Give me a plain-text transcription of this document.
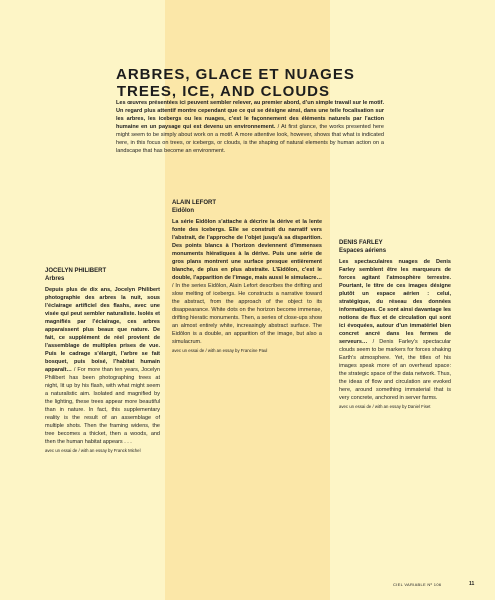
ARBRES, GLACE ET NUAGES
TREES, ICE, AND CLOUDS
Les œuvres présentées ici peuvent sembler relever, au premier abord, d’un simple travail sur le motif. Un regard plus attentif montre cependant que ce qui se désigne ainsi, dans une telle focalisation sur les arbres, les icebergs ou les nuages, c’est le façonnement des éléments naturels par l’action humaine en un paysage qui est devenu un environnement. / At first glance, the works presented here might seem to be simply about work on a motif. A more attentive look, however, shows that what is indicated here, in this focus on trees, or icebergs, or clouds, is the shaping of natural elements by human action on a landscape that has become an environment.
JOCELYN PHILIBERT
Arbres
Depuis plus de dix ans, Jocelyn Philibert photographie des arbres la nuit, sous l’éclairage artificiel des flashs, avec une visée qui peut sembler naturaliste. Isolés et magnifiés par l’éclairage, ces arbres apparaissent plus beaux que nature. De fait, ce supplément de réel provient de l’assemblage de multiples prises de vue. Puis le cadrage s’élargit, l’arbre se fait bosquet, puis boisé, l’habitat humain apparaît… / For more than ten years, Jocelyn Philibert has been photographing trees at night, lit up by his flash, with what might seem a naturalistic aim. Isolated and magnified by the lighting, these trees appear more beautiful than in nature. In fact, this supplementary reality is the result of an assemblage of multiple shots. Then the framing widens, the tree becomes a thicket, then a woods, and then the human habitat appears . . .
avec un essai de / with an essay by Franck Michel
ALAIN LEFORT
Eidōlon
La série Eidōlon s’attache à décrire la dérive et la lente fonte des icebergs. Elle se construit du narratif vers l’abstrait, de l’approche de l’objet jusqu’à sa disparition. Des points blancs à l’horizon deviennent d’immenses monuments hiératiques à la dérive. Puis une série de gros plans montrent une surface presque entièrement blanche, de plus en plus abstraite. L’Eidōlon, c’est le double, l’apparition de l’image, mais aussi le simulacre… / In the series Eidōlon, Alain Lefort describes the drifting and slow melting of icebergs. He constructs a narrative toward the abstract, from the approach of the object to its disappearance. White dots on the horizon become immense, drifting hieratic monuments. Then, a series of close-ups show an almost entirely white, increasingly abstract surface. The Eidōlon is a double, an apparition of the image, but also a simulacrum.
avec un essai de / with an essay by Francine Paul
DENIS FARLEY
Espaces aériens
Les spectaculaires nuages de Denis Farley semblent être les marqueurs de forces agitant l’atmosphère terrestre. Pourtant, le titre de ces images désigne plutôt un espace aérien : celui, stratégique, du réseau des données informatiques. Ce sont ainsi davantage les notions de flux et de circulation qui sont ici évoquées, autour d’un immatériel bien concret ancré dans les fermes de serveurs… / Denis Farley’s spectacular clouds seem to be markers for forces shaking Earth’s atmosphere. Yet, the titles of his images speak more of an overhead space: the strategic space of the data network. Thus, the ideas of flow and circulation are evoked here, around something immaterial that is very concrete, anchored in server farms.
avec un essai de / with an essay by Daniel Fiset
CIEL VARIABLE Nº 106	11
